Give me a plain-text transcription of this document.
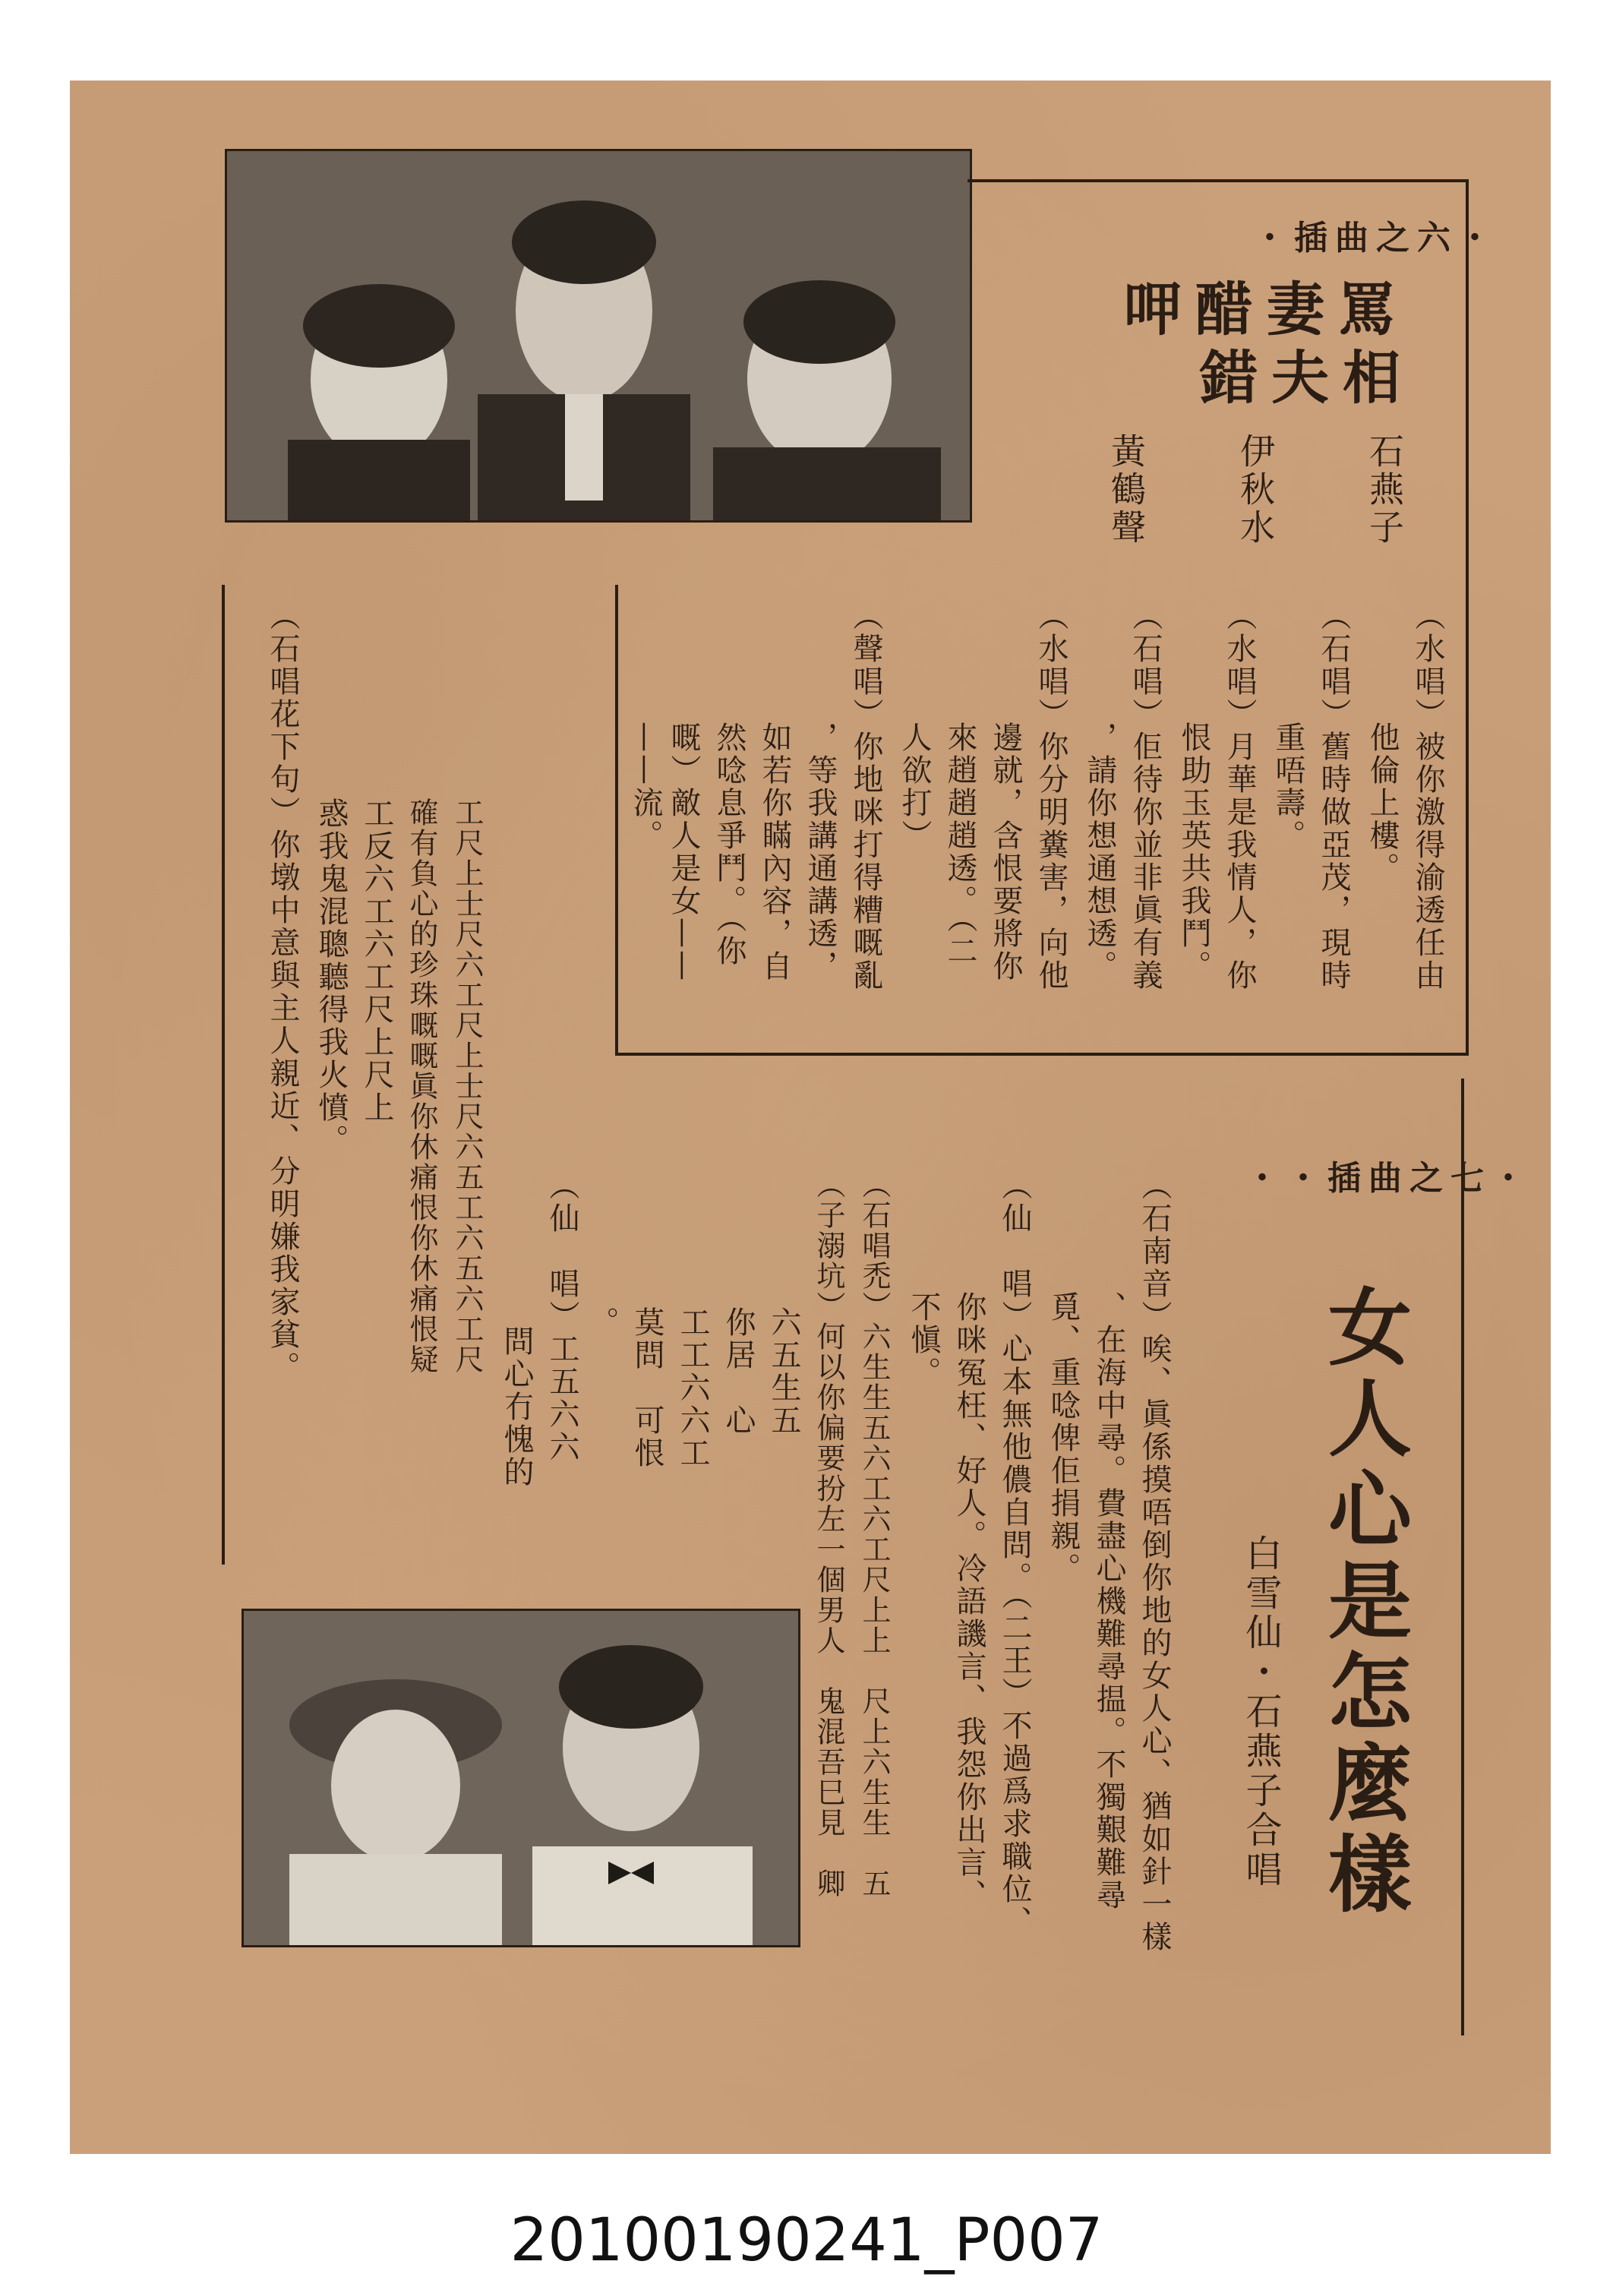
・插曲之六・
呷醋妻罵
錯夫相
石燕子
伊秋水
黃鶴聲
（水唱）被你激得渝透任由
他倫上樓。
（石唱）舊時做亞茂，現時
重唔壽。
（水唱）月華是我情人，你
恨助玉英共我鬥。
（石唱）佢待你並非眞有義
，請你想通想透。
（水唱）你分明糞害，向他
邊就，含恨要將你
來趙趙趙透。（二
人欲打）
（聲唱）你地咪打得糟嘅亂
，等我講通講透，
如若你瞞內容，自
然唸息爭鬥。（你
嘅）敵人是女——
——流。
・・插曲之七・
女人心是怎麼樣
白雪仙・石燕子合唱
（石南音）唉、眞係摸唔倒你地的女人心、猶如針一樣
、在海中尋。費盡心機難尋揾。不獨艱難尋
覓、重唸俾佢捐親。
（仙　唱）心本無他儂自問。（二王）不過爲求職位、
你咪冤枉、好人。冷語譏言、我怨你出言、
不愼。
（石唱禿）六生生五六工六工尺上上　尺上六生生　五
（子溺坑）何以你偏要扮左一個男人　鬼混吾巳見　卿
六五生五
你居　心
工工六六工
莫問　可恨
。
（仙　唱）工五六六
問心冇愧的
工尺上士尺六工尺上士尺六五工六五六工尺
確有負心的珍珠嘅嘅眞你休痛恨你休痛恨疑
工反六工六工尺上尺上
惑我鬼混聰聽得我火憤。
（石唱花下句）你墩中意與主人親近、分明嫌我家貧。
20100190241_P007
